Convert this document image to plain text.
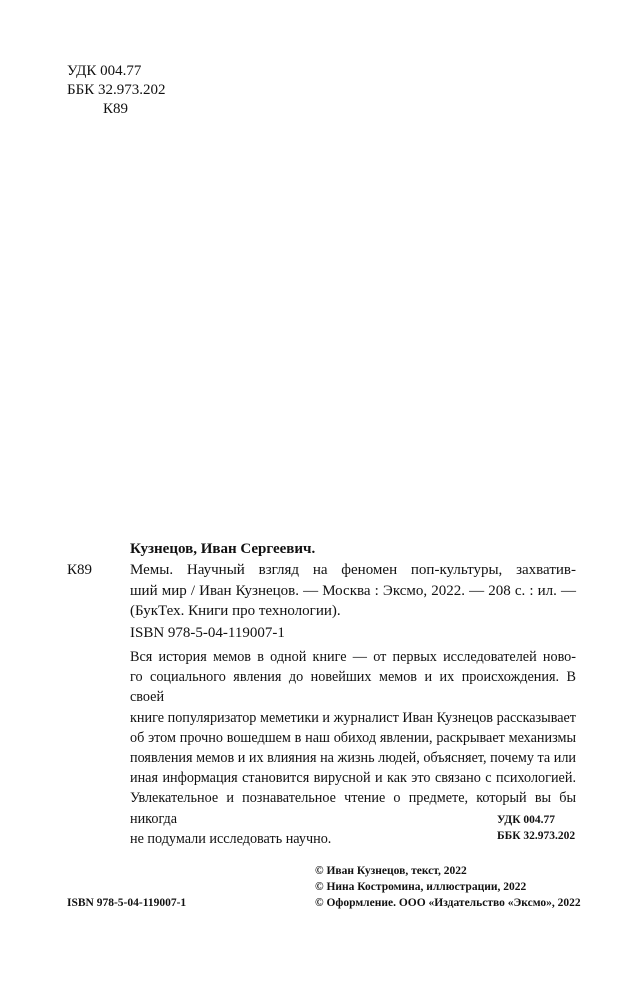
УДК 004.77
ББК 32.973.202
К89
Кузнецов, Иван Сергеевич.
К89	Мемы. Научный взгляд на феномен поп-культуры, захватив-
ший мир / Иван Кузнецов. — Москва : Эксмо, 2022. — 208 с. : ил. —
(БукТех. Книги про технологии).
ISBN 978-5-04-119007-1
Вся история мемов в одной книге — от первых исследователей ново-
го социального явления до новейших мемов и их происхождения. В своей
книге популяризатор меметики и журналист Иван Кузнецов рассказывает
об этом прочно вошедшем в наш обиход явлении, раскрывает механизмы
появления мемов и их влияния на жизнь людей, объясняет, почему та или
иная информация становится вирусной и как это связано с психологией.
Увлекательное и познавательное чтение о предмете, который вы бы никогда
не подумали исследовать научно.
УДК 004.77
ББК 32.973.202
© Иван Кузнецов, текст, 2022
© Нина Костромина, иллюстрации, 2022
© Оформление. ООО «Издательство «Эксмо», 2022
ISBN 978-5-04-119007-1
